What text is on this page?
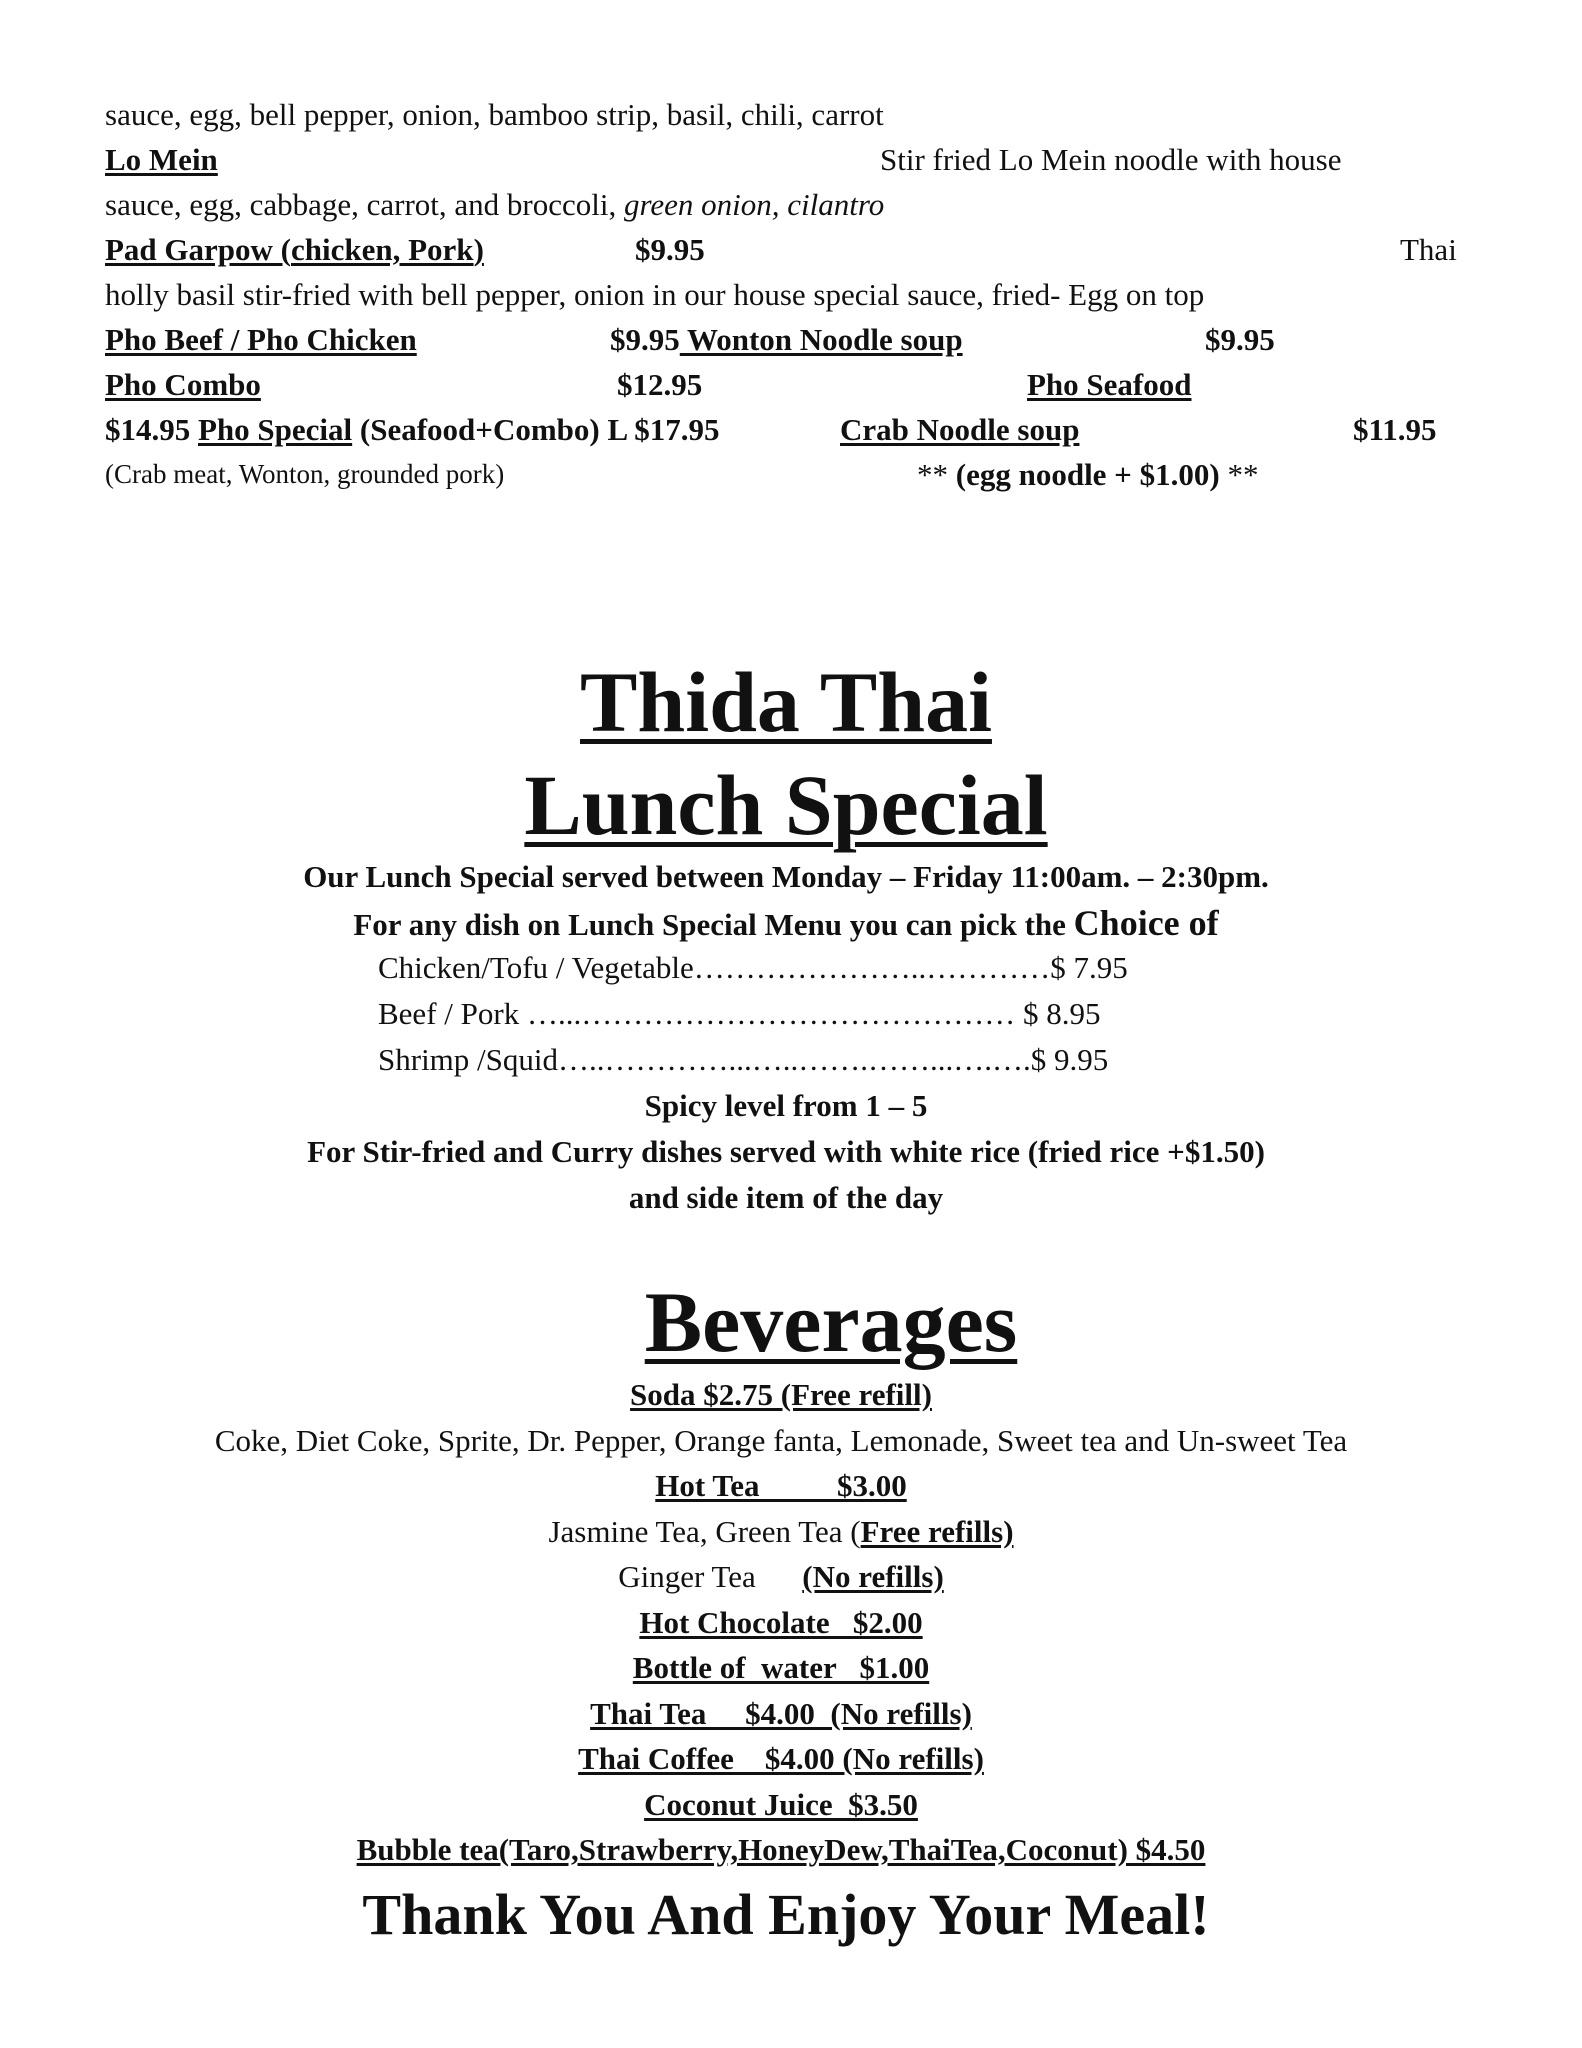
sauce, egg, bell pepper, onion, bamboo strip, basil, chili, carrot
Lo Mein	Stir fried Lo Mein noodle with house
sauce, egg, cabbage, carrot, and broccoli, green onion, cilantro
Pad Garpow (chicken, Pork)	$9.95	Thai
holly basil stir-fried with bell pepper, onion in our house special sauce, fried- Egg on top
Pho Beef / Pho Chicken	$9.95 Wonton Noodle soup	$9.95
Pho Combo	$12.95	Pho Seafood
$14.95 Pho Special (Seafood+Combo) L $17.95	Crab Noodle soup	$11.95
(Crab meat, Wonton, grounded pork)	** (egg noodle + $1.00) **
Thida Thai
Lunch Special
Our Lunch Special served between Monday – Friday 11:00am. – 2:30pm.
For any dish on Lunch Special Menu you can pick the Choice of
Chicken/Tofu / Vegetable…………………..…………$ 7.95
Beef / Pork …...…………………………………… $ 8.95
Shrimp /Squid…..…………...…..…….……...….….$ 9.95
Spicy level from 1 – 5
For Stir-fried and Curry dishes served with white rice (fried rice +$1.50)
and side item of the day
Beverages
Soda $2.75 (Free refill)
Coke, Diet Coke, Sprite, Dr. Pepper, Orange fanta, Lemonade, Sweet tea and Un-sweet Tea
Hot Tea          $3.00
Jasmine Tea, Green Tea (Free refills)
Ginger Tea      (No refills)
Hot Chocolate   $2.00
Bottle of  water   $1.00
Thai Tea     $4.00  (No refills)
Thai Coffee    $4.00 (No refills)
Coconut Juice  $3.50
Bubble tea(Taro,Strawberry,HoneyDew,ThaiTea,Coconut) $4.50
Thank You And Enjoy Your Meal!
